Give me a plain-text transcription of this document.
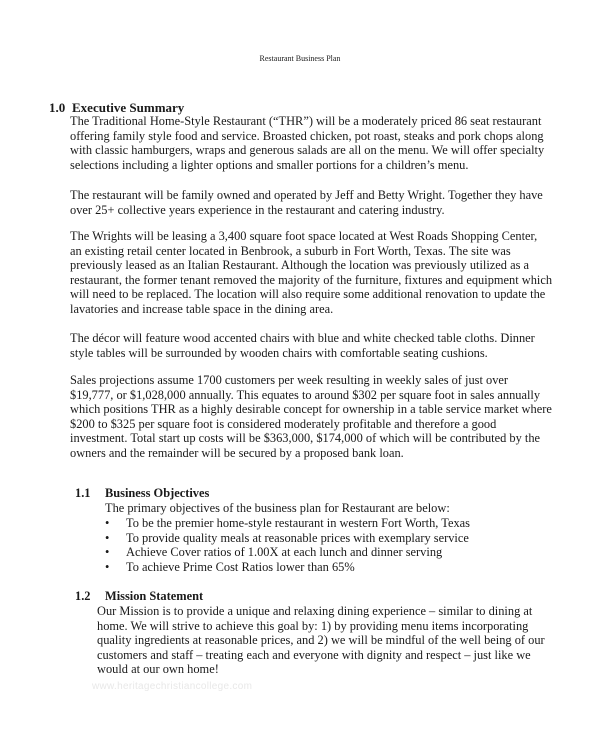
Restaurant Business Plan
1.0 Executive Summary

The Traditional Home-Style Restaurant (“THR”) will be a moderately priced 86 seat restaurant
offering family style food and service. Broasted chicken, pot roast, steaks and pork chops along
with classic hamburgers, wraps and generous salads are all on the menu. We will offer specialty
selections including a lighter options and smaller portions for a children’s menu.

The restaurant will be family owned and operated by Jeff and Betty Wright. Together they have
over 25+ collective years experience in the restaurant and catering industry.

The Wrights will be leasing a 3,400 square foot space located at West Roads Shopping Center,
an existing retail center located in Benbrook, a suburb in Fort Worth, Texas. The site was
previously leased as an Italian Restaurant. Although the location was previously utilized as a
restaurant, the former tenant removed the majority of the furniture, fixtures and equipment which
will need to be replaced. The location will also require some additional renovation to update the
lavatories and increase table space in the dining area.

The décor will feature wood accented chairs with blue and white checked table cloths. Dinner
style tables will be surrounded by wooden chairs with comfortable seating cushions.

Sales projections assume 1700 customers per week resulting in weekly sales of just over
$19,777, or $1,028,000 annually. This equates to around $302 per square foot in sales annually
which positions THR as a highly desirable concept for ownership in a table service market where
$200 to $325 per square foot is considered moderately profitable and therefore a good
investment. Total start up costs will be $363,000, $174,000 of which will be contributed by the
owners and the remainder will be secured by a proposed bank loan.

1.1 Business Objectives

The primary objectives of the business plan for Restaurant are below:

• To be the premier home-style restaurant in western Fort Worth, Texas
• To provide quality meals at reasonable prices with exemplary service
• Achieve Cover ratios of 1.00X at each lunch and dinner serving
• To achieve Prime Cost Ratios lower than 65%
1.2 Mission Statement

Our Mission is to provide a unique and relaxing dining experience – similar to dining at
home. We will strive to achieve this goal by: 1) by providing menu items incorporating
quality ingredients at reasonable prices, and 2) we will be mindful of the well being of our
customers and staff – treating each and everyone with dignity and respect – just like we
would at our own home!

www.heritagechristiancollege.com
